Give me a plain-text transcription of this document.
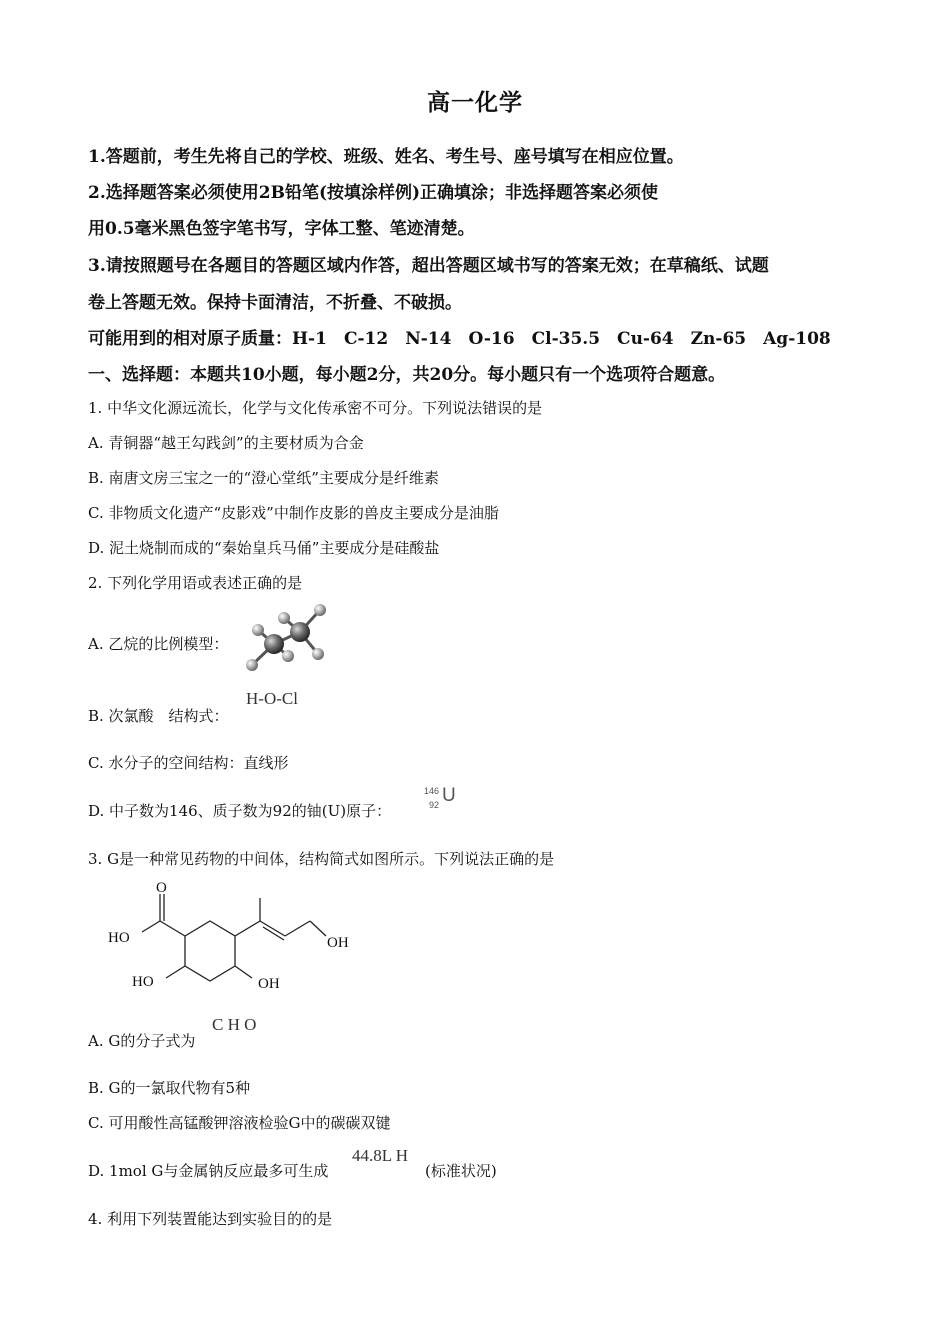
高一化学
1.答题前，考生先将自己的学校、班级、姓名、考生号、座号填写在相应位置。
2.选择题答案必须使用2B铅笔(按填涂样例)正确填涂；非选择题答案必须使
用0.5毫米黑色签字笔书写，字体工整、笔迹清楚。
3.请按照题号在各题目的答题区域内作答，超出答题区域书写的答案无效；在草稿纸、试题
卷上答题无效。保持卡面清洁，不折叠、不破损。
可能用到的相对原子质量：H-1　C-12　N-14　O-16　Cl-35.5　Cu-64　Zn-65　Ag-108
一、选择题：本题共10小题，每小题2分，共20分。每小题只有一个选项符合题意。
1. 中华文化源远流长，化学与文化传承密不可分。下列说法错误的是
A. 青铜器“越王勾践剑”的主要材质为合金
B. 南唐文房三宝之一的“澄心堂纸”主要成分是纤维素
C. 非物质文化遗产“皮影戏”中制作皮影的兽皮主要成分是油脂
D. 泥土烧制而成的“秦始皇兵马俑”主要成分是硅酸盐
2. 下列化学用语或表述正确的是
A. 乙烷的比例模型：
B. 次氯酸　结构式：
H-O-Cl
C. 水分子的空间结构：直线形
D. 中子数为146、质子数为92的铀(U)原子：
146
92 U
3. G是一种常见药物的中间体，结构简式如图所示。下列说法正确的是
O
HO	OH
HO	OH
A. G的分子式为
C H O
B. G的一氯取代物有5种
C. 可用酸性高锰酸钾溶液检验G中的碳碳双键
D. 1mol G与金属钠反应最多可生成
44.8L H
(标准状况)
4. 利用下列装置能达到实验目的的是
